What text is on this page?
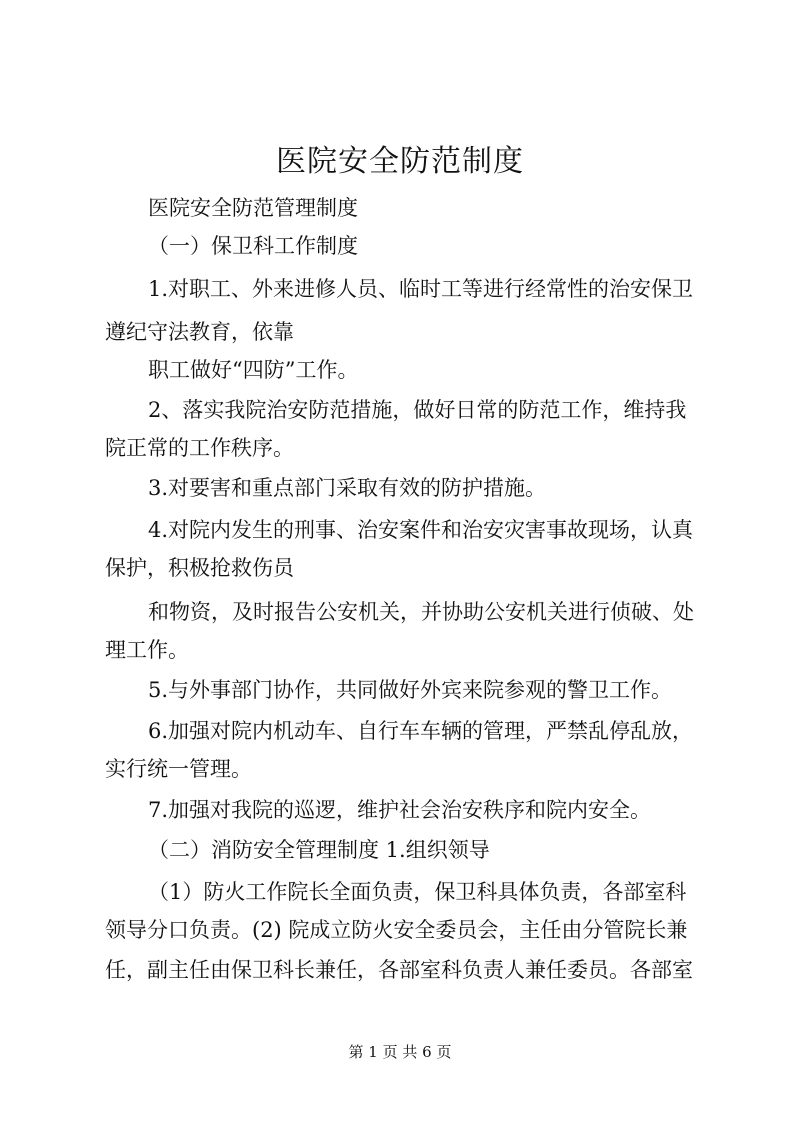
医院安全防范制度
医院安全防范管理制度
（一）保卫科工作制度
1.对职工、外来进修人员、临时工等进行经常性的治安保卫
遵纪守法教育，依靠
职工做好“四防”工作。
2、落实我院治安防范措施，做好日常的防范工作，维持我
院正常的工作秩序。
3.对要害和重点部门采取有效的防护措施。
4.对院内发生的刑事、治安案件和治安灾害事故现场，认真
保护，积极抢救伤员
和物资，及时报告公安机关，并协助公安机关进行侦破、处
理工作。
5.与外事部门协作，共同做好外宾来院参观的警卫工作。
6.加强对院内机动车、自行车车辆的管理，严禁乱停乱放，
实行统一管理。
7.加强对我院的巡逻，维护社会治安秩序和院内安全。
（二）消防安全管理制度 1.组织领导
（1）防火工作院长全面负责，保卫科具体负责，各部室科
领导分口负责。(2) 院成立防火安全委员会，主任由分管院长兼
任，副主任由保卫科长兼任，各部室科负责人兼任委员。各部室
第 1 页 共 6 页
